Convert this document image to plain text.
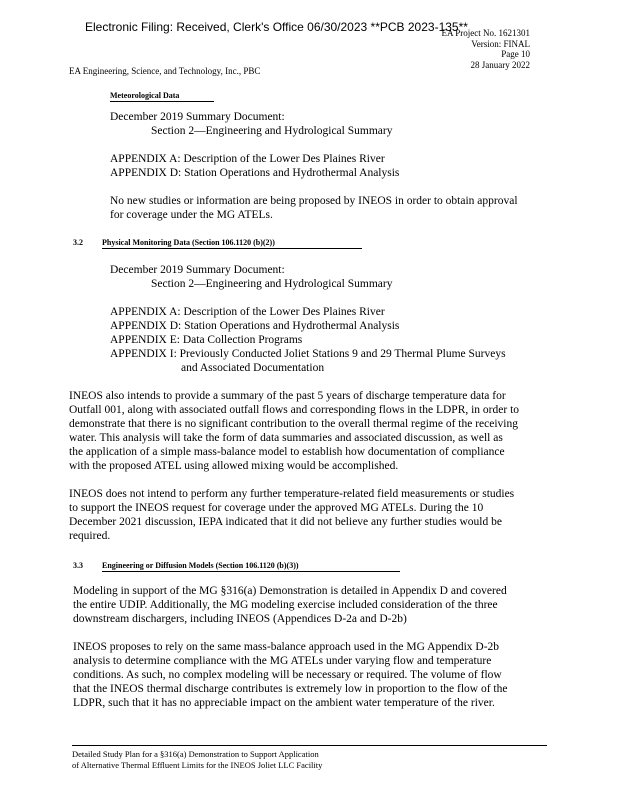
Electronic Filing: Received, Clerk's Office 06/30/2023 **PCB 2023-135**
EA Project No. 1621301
Version: FINAL
Page 10
28 January 2022
EA Engineering, Science, and Technology, Inc., PBC
Meteorological Data
December 2019 Summary Document:
Section 2—Engineering and Hydrological Summary
APPENDIX A: Description of the Lower Des Plaines River
APPENDIX D: Station Operations and Hydrothermal Analysis
No new studies or information are being proposed by INEOS in order to obtain approval
for coverage under the MG ATELs.
3.2 Physical Monitoring Data (Section 106.1120 (b)(2))
December 2019 Summary Document:
Section 2—Engineering and Hydrological Summary
APPENDIX A: Description of the Lower Des Plaines River
APPENDIX D: Station Operations and Hydrothermal Analysis
APPENDIX E: Data Collection Programs
APPENDIX I: Previously Conducted Joliet Stations 9 and 29 Thermal Plume Surveys
and Associated Documentation
INEOS also intends to provide a summary of the past 5 years of discharge temperature data for
Outfall 001, along with associated outfall flows and corresponding flows in the LDPR, in order to
demonstrate that there is no significant contribution to the overall thermal regime of the receiving
water. This analysis will take the form of data summaries and associated discussion, as well as
the application of a simple mass-balance model to establish how documentation of compliance
with the proposed ATEL using allowed mixing would be accomplished.
INEOS does not intend to perform any further temperature-related field measurements or studies
to support the INEOS request for coverage under the approved MG ATELs. During the 10
December 2021 discussion, IEPA indicated that it did not believe any further studies would be
required.
3.3 Engineering or Diffusion Models (Section 106.1120 (b)(3))
Modeling in support of the MG §316(a) Demonstration is detailed in Appendix D and covered
the entire UDIP. Additionally, the MG modeling exercise included consideration of the three
downstream dischargers, including INEOS (Appendices D-2a and D-2b)
INEOS proposes to rely on the same mass-balance approach used in the MG Appendix D-2b
analysis to determine compliance with the MG ATELs under varying flow and temperature
conditions. As such, no complex modeling will be necessary or required. The volume of flow
that the INEOS thermal discharge contributes is extremely low in proportion to the flow of the
LDPR, such that it has no appreciable impact on the ambient water temperature of the river.
Detailed Study Plan for a §316(a) Demonstration to Support Application
of Alternative Thermal Effluent Limits for the INEOS Joliet LLC Facility
